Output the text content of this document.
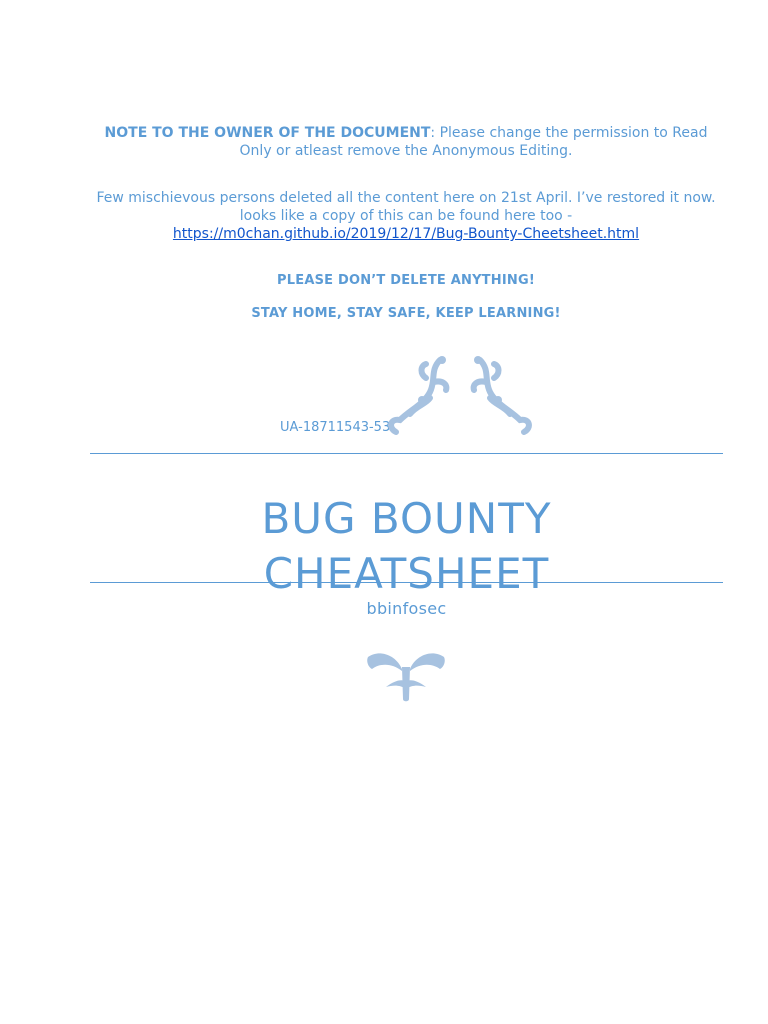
NOTE TO THE OWNER OF THE DOCUMENT: Please change the permission to Read Only or atleast remove the Anonymous Editing.
Few mischievous persons deleted all the content here on 21st April. I’ve restored it now.
looks like a copy of this can be found here too -
https://m0chan.github.io/2019/12/17/Bug-Bounty-Cheetsheet.html
PLEASE DON’T DELETE ANYTHING!
STAY HOME, STAY SAFE, KEEP LEARNING!
UA-18711543-53
BUG BOUNTY
CHEATSHEET
bbinfosec
